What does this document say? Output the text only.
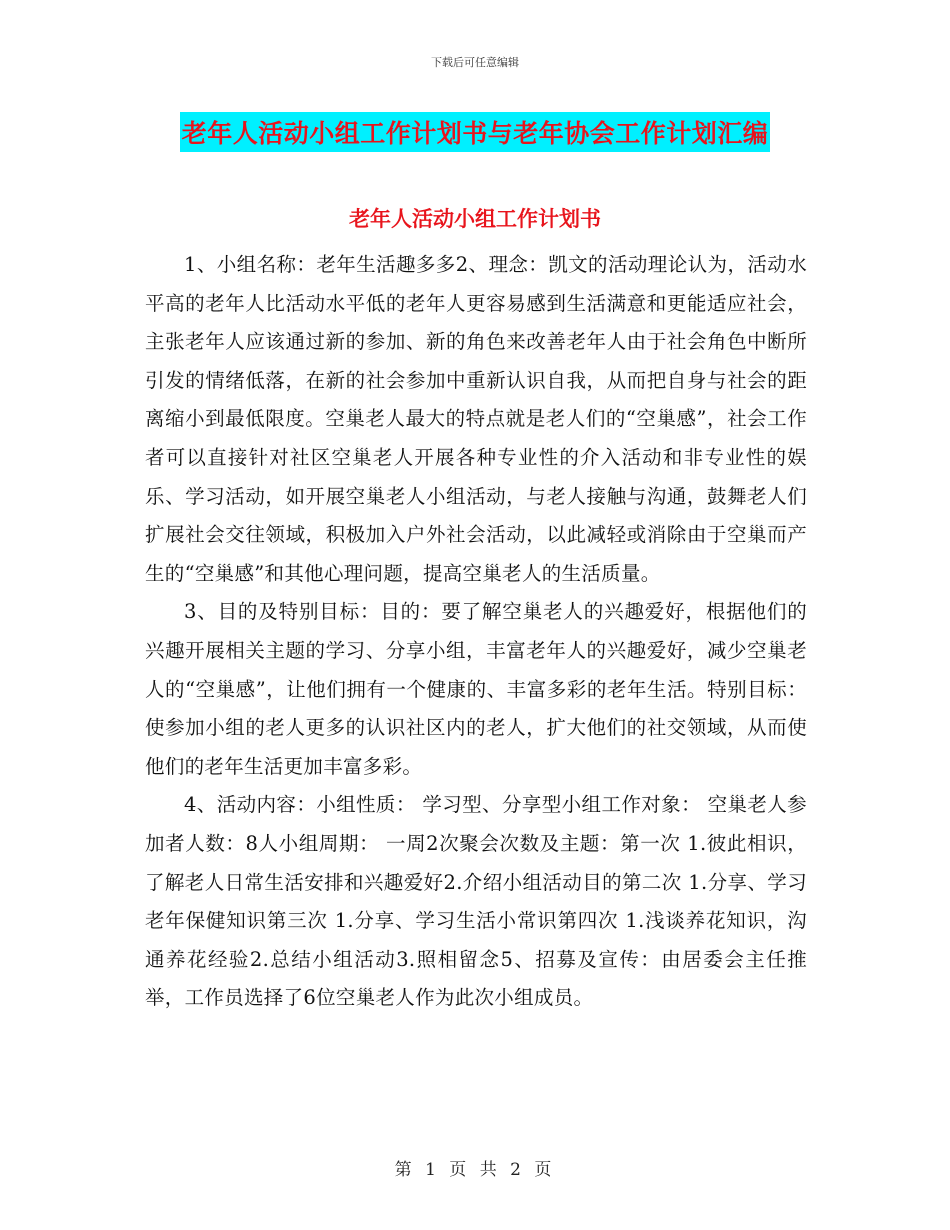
下载后可任意编辑
老年人活动小组工作计划书与老年协会工作计划汇编
老年人活动小组工作计划书

1、小组名称：老年生活趣多多2、理念：凯文的活动理论认为，活动水平高的老年人比活动水平低的老年人更容易感到生活满意和更能适应社会，主张老年人应该通过新的参加、新的角色来改善老年人由于社会角色中断所引发的情绪低落，在新的社会参加中重新认识自我，从而把自身与社会的距离缩小到最低限度。空巢老人最大的特点就是老人们的“空巢感”，社会工作者可以直接针对社区空巢老人开展各种专业性的介入活动和非专业性的娱乐、学习活动，如开展空巢老人小组活动，与老人接触与沟通，鼓舞老人们扩展社会交往领域，积极加入户外社会活动，以此减轻或消除由于空巢而产生的“空巢感”和其他心理问题，提高空巢老人的生活质量。

3、目的及特别目标：目的：要了解空巢老人的兴趣爱好，根据他们的兴趣开展相关主题的学习、分享小组，丰富老年人的兴趣爱好，减少空巢老人的“空巢感”，让他们拥有一个健康的、丰富多彩的老年生活。特别目标：使参加小组的老人更多的认识社区内的老人，扩大他们的社交领域，从而使他们的老年生活更加丰富多彩。

4、活动内容：小组性质： 学习型、分享型小组工作对象： 空巢老人参加者人数：8人小组周期： 一周2次聚会次数及主题：第一次 1.彼此相识，了解老人日常生活安排和兴趣爱好2.介绍小组活动目的第二次 1.分享、学习老年保健知识第三次 1.分享、学习生活小常识第四次 1.浅谈养花知识，沟通养花经验2.总结小组活动3.照相留念5、招募及宣传：由居委会主任推举，工作员选择了6位空巢老人作为此次小组成员。

第 1 页 共 2 页
